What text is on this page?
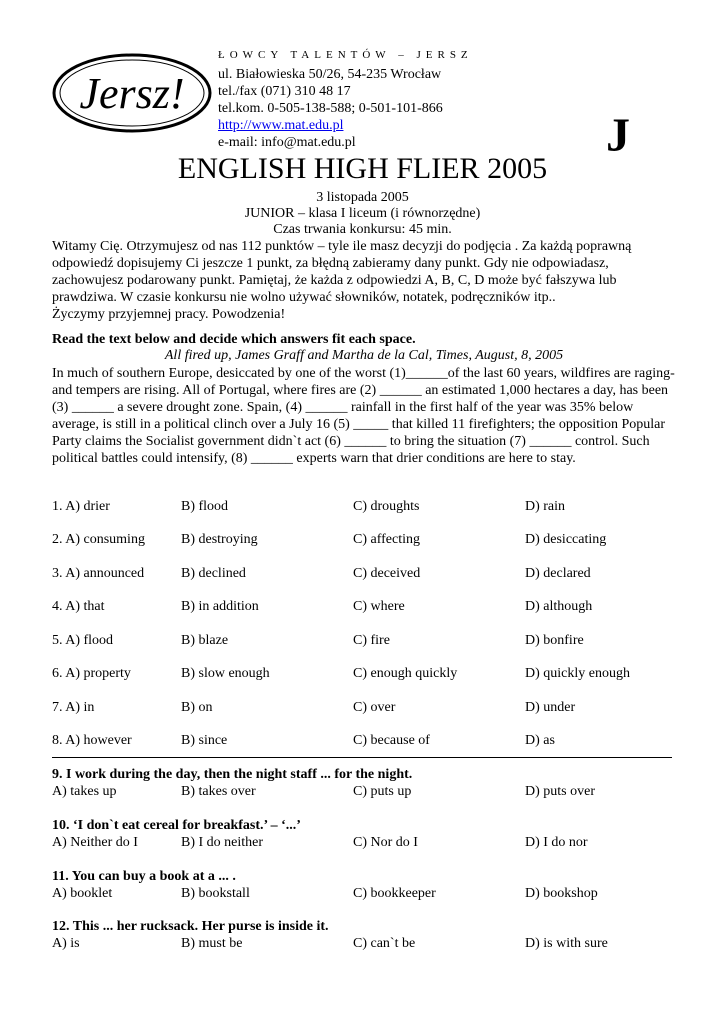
Jersz!
ŁOWCY TALENTÓW – JERSZ
ul. Białowieska 50/26, 54-235 Wrocław
tel./fax (071) 310 48 17
tel.kom. 0-505-138-588; 0-501-101-866
http://www.mat.edu.pl
e-mail: info@mat.edu.pl	J
ENGLISH HIGH FLIER 2005
3 listopada 2005
JUNIOR – klasa I liceum (i równorzędne)
Czas trwania konkursu: 45 min.
Witamy Cię. Otrzymujesz od nas 112 punktów – tyle ile masz decyzji do podjęcia . Za każdą poprawną odpowiedź dopisujemy Ci jeszcze 1 punkt, za błędną zabieramy dany punkt. Gdy nie odpowiadasz, zachowujesz podarowany punkt. Pamiętaj, że każda z odpowiedzi A, B, C, D może być fałszywa lub prawdziwa. W czasie konkursu nie wolno używać słowników, notatek, podręczników itp..
Życzymy przyjemnej pracy. Powodzenia!
Read the text below and decide which answers fit each space.
All fired up, James Graff and Martha de la Cal, Times, August, 8, 2005
In much of southern Europe, desiccated by one of the worst (1)______of the last 60 years, wildfires are raging- and tempers are rising. All of Portugal, where fires are (2) ______ an estimated 1,000 hectares a day, has been (3) ______ a severe drought zone. Spain, (4) ______ rainfall in the first half of the year was 35% below average, is still in a political clinch over a July 16 (5) _____ that killed 11 firefighters; the opposition Popular Party claims the Socialist government didn`t act (6) ______ to bring the situation (7) ______ control. Such political battles could intensify, (8) ______ experts warn that drier conditions are here to stay.
1. A) drier	B) flood	C) droughts	D) rain
2. A) consuming	B) destroying	C) affecting	D) desiccating
3. A) announced	B) declined	C) deceived	D) declared
4. A) that	B) in addition	C) where	D) although
5. A) flood	B) blaze	C) fire	D) bonfire
6. A) property	B) slow enough	C) enough quickly	D) quickly enough
7. A) in	B) on	C) over	D) under
8. A) however	B) since	C) because of	D) as
9. I work during the day, then the night staff ... for the night.
A) takes up	B) takes over	C) puts up	D) puts over
10. ‘I don`t eat cereal for breakfast.’ – ‘...’
A) Neither do I	B) I do neither	C) Nor do I	D) I do nor
11. You can buy a book at a ... .
A) booklet	B) bookstall	C) bookkeeper	D) bookshop
12. This ... her rucksack. Her purse is inside it.
A) is	B) must be	C) can`t be	D) is with sure
